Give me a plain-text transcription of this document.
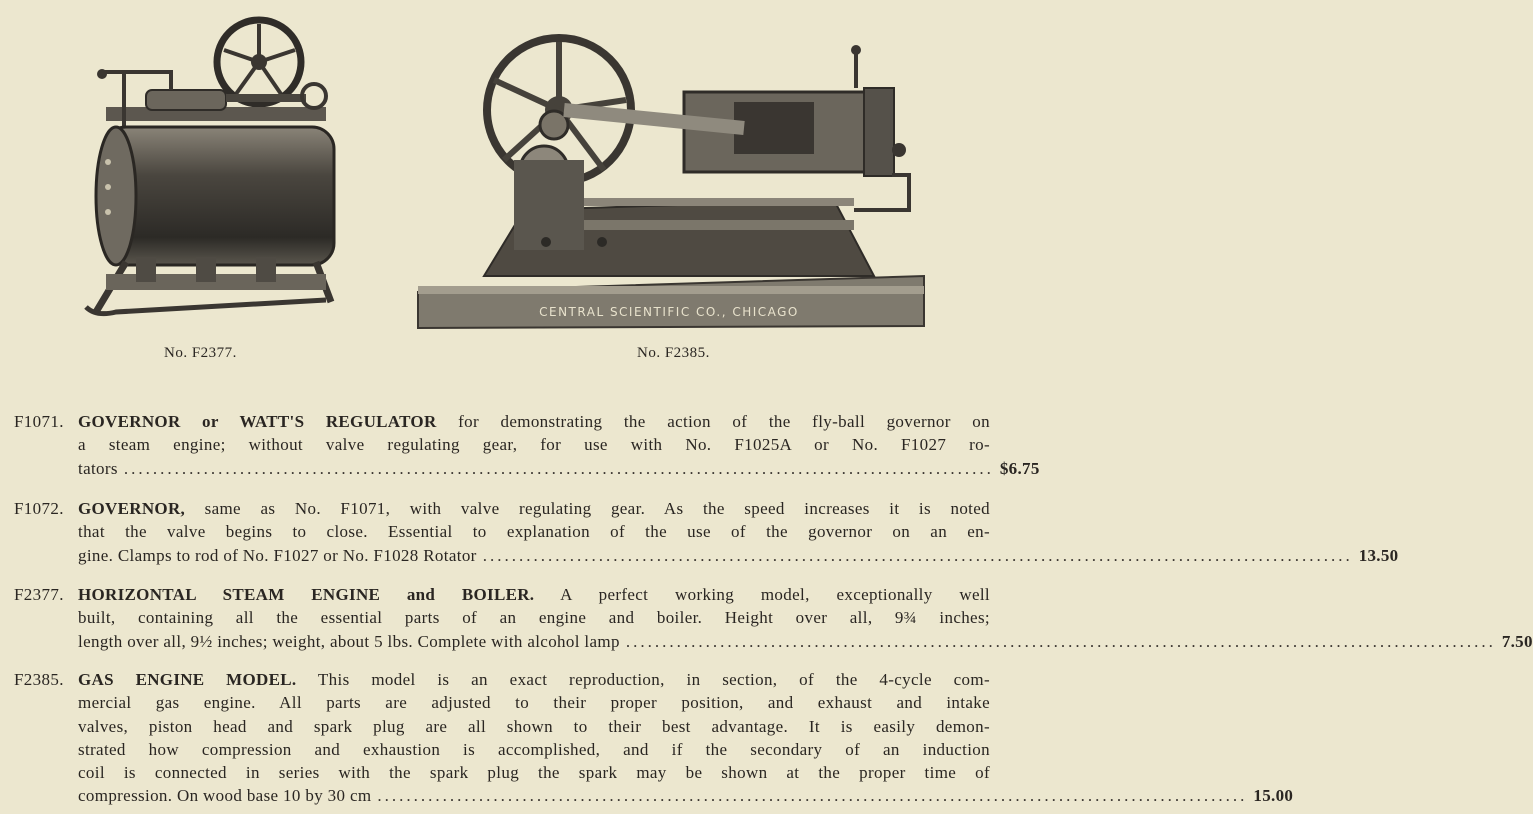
CENTRAL SCIENTIFIC CO., CHICAGO
No. F2377.	No. F2385.
F1071. GOVERNOR or WATT'S REGULATOR for demonstrating the action of the fly-ball governor on
a steam engine; without valve regulating gear, for use with No. F1025A or No. F1027 ro-
tators ........................................................................................................................ $6.75
F1072. GOVERNOR, same as No. F1071, with valve regulating gear. As the speed increases it is noted
that the valve begins to close. Essential to explanation of the use of the governor on an en-
gine. Clamps to rod of No. F1027 or No. F1028 Rotator ........................................................................................................................ 13.50
F2377. HORIZONTAL STEAM ENGINE and BOILER. A perfect working model, exceptionally well
built, containing all the essential parts of an engine and boiler. Height over all, 9¾ inches;
length over all, 9½ inches; weight, about 5 lbs. Complete with alcohol lamp ........................................................................................................................ 7.50
F2385. GAS ENGINE MODEL. This model is an exact reproduction, in section, of the 4-cycle com-
mercial gas engine. All parts are adjusted to their proper position, and exhaust and intake
valves, piston head and spark plug are all shown to their best advantage. It is easily demon-
strated how compression and exhaustion is accomplished, and if the secondary of an induction
coil is connected in series with the spark plug the spark may be shown at the proper time of
compression. On wood base 10 by 30 cm ........................................................................................................................ 15.00
